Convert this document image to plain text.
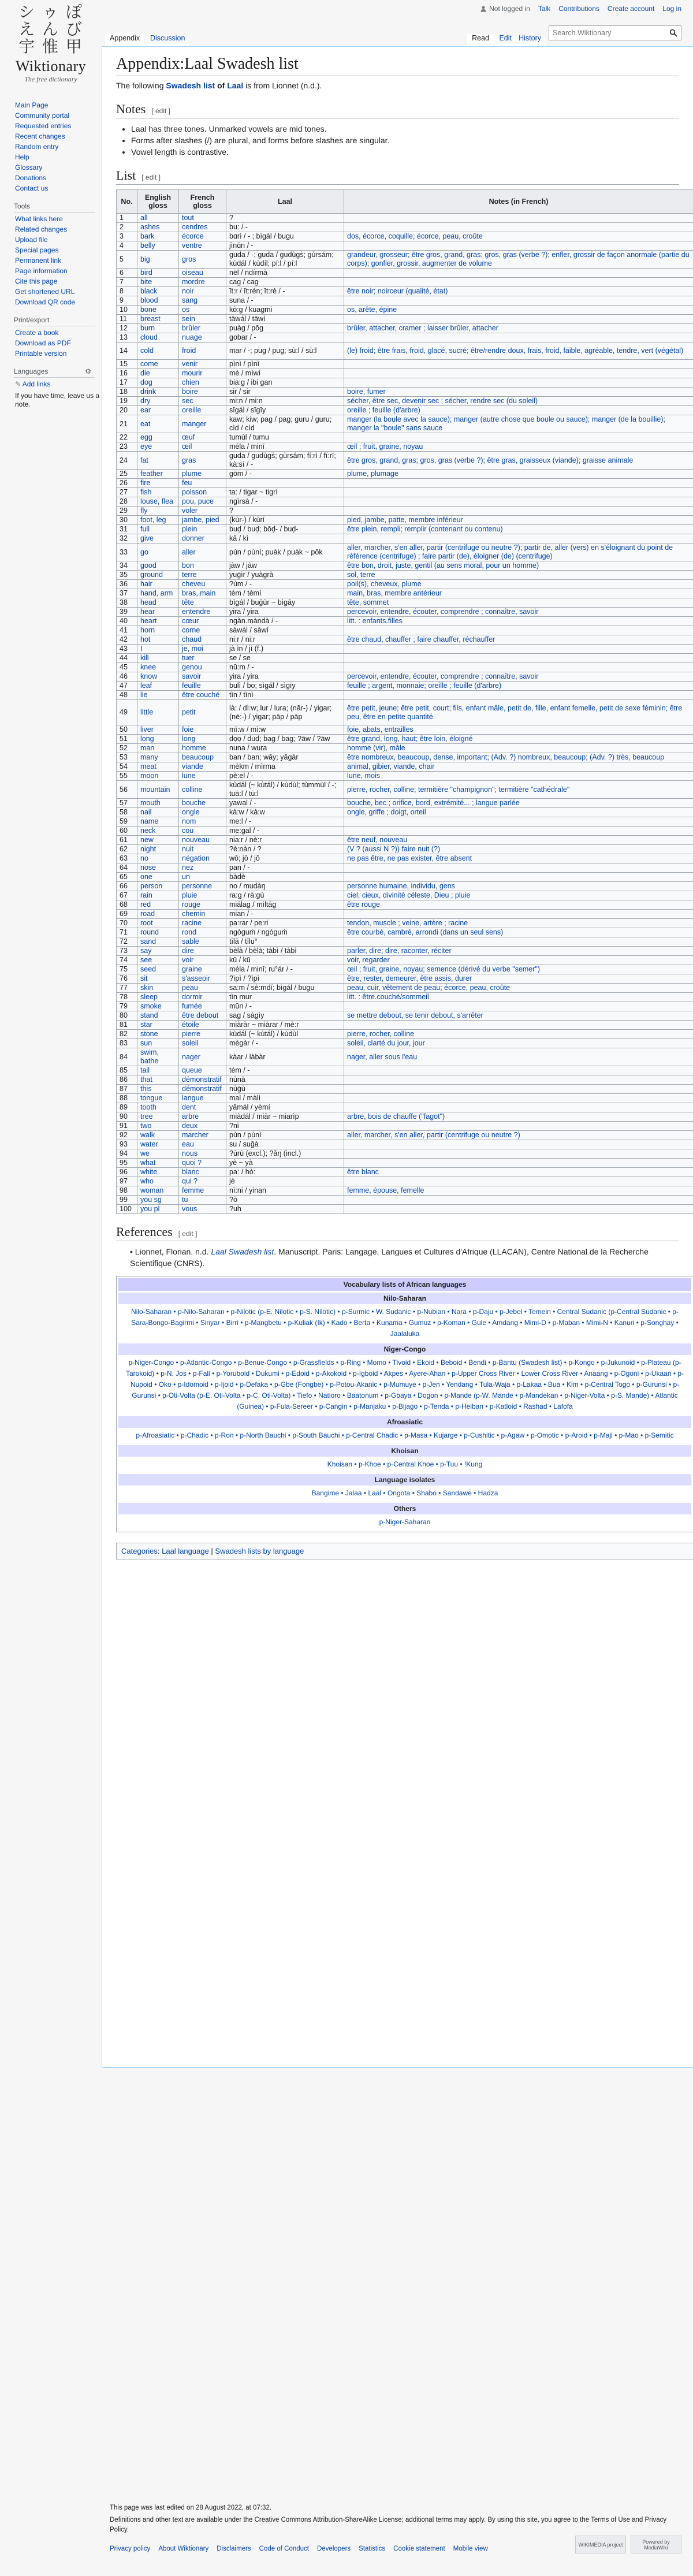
Not logged in Talk Contributions Create account Log in
シ ゥ ぽ
え ん び
宇 惟 甲
Wiktionary
The free dictionary
Appendix	Discussion	Read	Edit History
Search Wiktionary
Main Page
Community portal
Requested entries
Recent changes
Random entry
Help
Glossary
Donations
Contact us
Tools
What links here
Related changes
Upload file
Special pages
Permanent link
Page information
Cite this page
Get shortened URL
Download QR code
Print/export
Create a book
Download as PDF
Printable version
Languages	⚙
✎ Add links
If you have time, leave us a note.
Appendix:Laal Swadesh list

The following Swadesh list of Laal is from Lionnet (n.d.).

Notes [ edit ]
• Laal has three tones. Unmarked vowels are mid tones.
• Forms after slashes (/) are plural, and forms before slashes are singular.
• Vowel length is contrastive.
List [ edit ]
No.	English gloss	French gloss	Laal	Notes (in French)
1	all	tout	?	
2	ashes	cendres	bu: / -	
3	bark	écorce	bɑrì / - ; bìgál / bugu	dos, écorce, coquille; écorce, peau, croûte
4	belly	ventre	jìnɑ̄n / -	
5	big	gros	guda / -; guda / gudùgṡ; gùrsám; kùdál / kùdíl; pí:l / pí:l	grandeur, grosseur; être gros, grand, gras; gros, gras (verbe ?); enfler, grossir de façon anormale (partie du corps); gonfler, grossir, augmenter de volume
6	bird	oiseau	nēl / ndírmà	
7	bite	mordre	cag / cag	
8	black	noir	īt:r / īt:rén; īt:rè / -	être noir; noirceur (qualité, état)
9	blood	sang	suna / -	
10	bone	os	kò:g / kuagmi	os, arête, épine
11	breast	sein	tāwál / tāwí	
12	burn	brûler	puàg / pōg	brûler, attacher, cramer ; laisser brûler, attacher
13	cloud	nuage	gobar / -	
14	cold	froid	mar / -; pug / pug; sù:l / sù:l	(le) froid; être frais, froid, glacé, sucré; être/rendre doux, frais, froid, faible, agréable, tendre, vert (végétal)
15	come	venir	pìnì / pìnì	
16	die	mourir	mè / mìwí	
17	dog	chien	bia:g / ibi gan	
18	drink	boire	sir / sir	boire, fumer
19	dry	sec	mi:n / mi:n	sécher, être sec, devenir sec ; sécher, rendre sec (du soleil)
20	ear	oreille	sīgál / sīgīy	oreille ; feuille (d'arbre)
21	eat	manger	kaw; kiw; pag / pag; guru / guru; cìd / cìd	manger (la boule avec la sauce); manger (autre chose que boule ou sauce); manger (de la bouillie); manger la "boule" sans sauce
22	egg	œuf	tumùl / tumu	
23	eye	œil	méla / minī	œil ; fruit, graine, noyau
24	fat	gras	guda / gudùgṡ; gùrsám; fí:rì / fí:rī; kà:sì / -	être gros, grand, gras; gros, gras (verbe ?); être gras, graisseux (viande); graisse animale
25	feather	plume	gōm / -	plume, plumage
26	fire	feu		
27	fish	poisson	ta: / tigar ~ tigrí	
28	louse, flea	pou, puce	ngìrsà / -	
29	fly	voler	?	
30	foot, leg	jambe, pied	(kùr-) / kùrí	pied, jambe, patte, membre inférieur
31	full	plein	buḍ / buḍ; bōḍ- / buḍ-	être plein, rempli; remplir (contenant ou contenu)
32	give	donner	kā / kì	
33	go	aller	pùn / pùnì; puàk / puàk ~ pōk	aller, marcher, s'en aller, partir (centrifuge ou neutre ?); partir de, aller (vers) en s'éloignant du point de référence (centrifuge) ; faire partir (de), éloigner (de) (centrifuge)
34	good	bon	jàw / jàw	être bon, droit, juste, gentil (au sens moral, pour un homme)
35	ground	terre	yuḡìr / yuàgrà	sol, terre
36	hair	cheveu	?ùm / -	poil(s), cheveux, plume
37	hand, arm	bras, main	tèm / tèmí	main, bras, membre antérieur
38	head	tête	bìgál / buḡùr ~ bìgāy	tête, sommet
39	hear	entendre	yira / yira	percevoir, entendre, écouter, comprendre ; connaître, savoir
40	heart	cœur	ngàn.màndà / -	litt. : enfants.filles
41	horn	corne	sàwál / sàwí	
42	hot	chaud	ni:r / ni:r	être chaud, chauffer ; faire chauffer, réchauffer
43	I	je, moi	jà ìn / jì (f.)	
44	kill	tuer	se / se	
45	knee	genou	nū:m / -	
46	know	savoir	yira / yira	percevoir, entendre, écouter, comprendre ; connaître, savoir
47	leaf	feuille	bulì / bo; sìgál / sìgīy	feuille ; argent, monnaie; oreille ; feuille (d'arbre)
48	lie	être couché	tìn / tìnì	
49	little	petit	là: / dì:w; lur / lura; (nār-) / yigar; (nē:-) / yigar; pāp / pāp	être petit, jeune; être petit, court; fils, enfant mâle, petit de, fille, enfant femelle, petit de sexe féminin; être peu, être en petite quantité
50	liver	foie	mì:w / mì:w	foie, abats, entrailles
51	long	long	dọọ / duḍ; bag / bag; ?āw / ?āw	être grand, long, haut; être loin, éloigné
52	man	homme	nuna / wura	homme (vir), mâle
53	many	beaucoup	ban / ban; wāy; yāgár	être nombreux, beaucoup, dense, important; (Adv. ?) nombreux, beaucoup; (Adv. ?) très, beaucoup
54	meat	viande	mèkm / mìrma	animal, gibier, viande, chair
55	moon	lune	pè:el / -	lune, mois
56	mountain	colline	kùdál (~ kùtál) / kùdùl; tùmmùl / -; tuā:l / tū:l	pierre, rocher, colline; termitière "champignon"; termitière "cathédrale"
57	mouth	bouche	yawal / -	bouche, bec ; orifice, bord, extrémité... ; langue parlée
58	nail	ongle	kà:w / kà:w	ongle, griffe ; doigt, orteil
59	name	nom	me:l / -	
60	neck	cou	me:gal / -	
61	new	nouveau	nia:r / nè:r	être neuf, nouveau
62	night	nuit	?è:nàn / ?	(V ? (aussi N ?)) faire nuit (?)
63	no	négation	wō; jō / jō	ne pas être, ne pas exister, être absent
64	nose	nez	pan / -	
65	one	un	bàdè	
66	person	personne	no / mudàŋ	personne humaine, individu, gens
67	rain	pluie	ra:g / rà:gù	ciel, cieux, divinité céleste, Dieu ; pluie
68	red	rouge	miálag / mìltāg	être rouge
69	road	chemin	mian / -	
70	root	racine	pa:rar / pe:ri	tendon, muscle ; veine, artère ; racine
71	round	rond	ngòguṁ / ngòguṁ	être courbé, cambré, arrondi (dans un seul sens)
72	sand	sable	tīlā / tīlu°	
73	say	dire	bèlà / bèlà; tàbì / tàbì	parler, dire; dire, raconter, réciter
74	see	voir	kū / kū	voir, regarder
75	seed	graine	méla / minī; ru°ár / -	œil ; fruit, graine, noyau; semence (dérivé du verbe "semer")
76	sit	s'asseoir	?ìpì / ?ìpì	être, rester, demeurer, être assis, durer
77	skin	peau	sa:m / sè:mdí; bìgál / bugu	peau, cuir, vêtement de peau; écorce, peau, croûte
78	sleep	dormir	tìn mur	litt. : être.couché/sommeil
79	smoke	fumée	mūn / -	
80	stand	être debout	sag / sàgìy	se mettre debout, se tenir debout, s'arrêter
81	star	étoile	miàràr ~ miàrar / mè:r	
82	stone	pierre	kùdál (~ kùtál) / kùdùl	pierre, rocher, colline
83	sun	soleil	mègàr / -	soleil, clarté du jour, jour
84	swim, bathe	nager	kàar / làbàr	nager, aller sous l'eau
85	tail	queue	tèm / -	
86	that	démonstratif	nùnà	
87	this	démonstratif	nùḡù	
88	tongue	langue	mal / màlì	
89	tooth	dent	yāmál / yèmí	
90	tree	arbre	miàdál / miār ~ miarìp	arbre, bois de chauffe ("fagot")
91	two	deux	?ni	
92	walk	marcher	pùn / pùnì	aller, marcher, s'en aller, partir (centrifuge ou neutre ?)
93	water	eau	su / suḡà	
94	we	nous	?ùrù (excl.); ?ǎŋ (incl.)	
95	what	quoi ?	yè ~ yà	
96	white	blanc	pa: / hò:	être blanc
97	who	qui ?	jè	
98	woman	femme	nì:ni / yinan	femme, épouse, femelle
99	you sg	tu	?ò	
100	you pl	vous	?uh	
References [ edit ]
• Lionnet, Florian. n.d. Laal Swadesh list. Manuscript. Paris: Langage, Langues et Cultures d'Afrique (LLACAN), Centre National de la Recherche Scientifique (CNRS).
Vocabulary lists of African languages
Nilo-Saharan
Nilo-Saharan • p-Nilo-Saharan • p-Nilotic (p-E. Nilotic • p-S. Nilotic) • p-Surmic • W. Sudanic • p-Nubian • Nara • p-Daju • p-Jebel • Temein • Central Sudanic (p-Central Sudanic • p-Sara-Bongo-Bagirmi • Sinyar • Birri • p-Mangbetu • p-Kuliak (Ik) • Kado • Berta • Kunama • Gumuz • p-Koman • Gule • Amdang • Mimi-D • p-Maban • Mimi-N • Kanuri • p-Songhay • Jaalaluka
Niger-Congo
p-Niger-Congo • p-Atlantic-Congo • p-Benue-Congo • p-Grassfields • p-Ring • Momo • Tivoid • Ekoid • Beboid • Bendi • p-Bantu (Swadesh list) • p-Kongo • p-Jukunoid • p-Plateau (p-Tarokoid) • p-N. Jos • p-Fali • p-Yoruboid • Dukumi • p-Edoid • p-Akokoid • p-Igboid • Akpes • Ayere-Ahan • p-Upper Cross River • Lower Cross River • Anaang • p-Ogoni • p-Ukaan • p-Nupoid • Oko • p-Idomoid • p-Ijoid • p-Defaka • p-Gbe (Fongbe) • p-Potou-Akanic • p-Mumuye • p-Jen • Yendang • Tula-Waja • p-Lakaa • Bua • Kim • p-Central Togo • p-Gurunsi • p-Gurunsi • p-Oti-Volta (p-E. Oti-Volta • p-C. Oti-Volta) • Tiefo • Natioro • Baatonum • p-Gbaya • Dogon • p-Mande (p-W. Mande • p-Mandekan • p-Niger-Volta • p-S. Mande) • Atlantic (Guinea) • p-Fula-Sereer • p-Cangin • p-Manjaku • p-Bijago • p-Tenda • p-Heiban • p-Katloid • Rashad • Lafofa
Afroasiatic
p-Afroasiatic • p-Chadic • p-Ron • p-North Bauchi • p-South Bauchi • p-Central Chadic • p-Masa • Kujarge • p-Cushitic • p-Agaw • p-Omotic • p-Aroid • p-Maji • p-Mao • p-Semitic
Khoisan
Khoisan • p-Khoe • p-Central Khoe • p-Tuu • !Kung
Language isolates
Bangime • Jalaa • Laal • Ongota • Shabo • Sandawe • Hadza
Others
p-Niger-Saharan
Categories: Laal language | Swadesh lists by language

This page was last edited on 28 August 2022, at 07:32.

Definitions and other text are available under the Creative Commons Attribution-ShareAlike License; additional terms may apply. By using this site, you agree to the Terms of Use and Privacy Policy.

Privacy policy About Wiktionary Disclaimers Code of Conduct Developers Statistics Cookie statement Mobile view
WIKIMEDIA project	Powered by MediaWiki
